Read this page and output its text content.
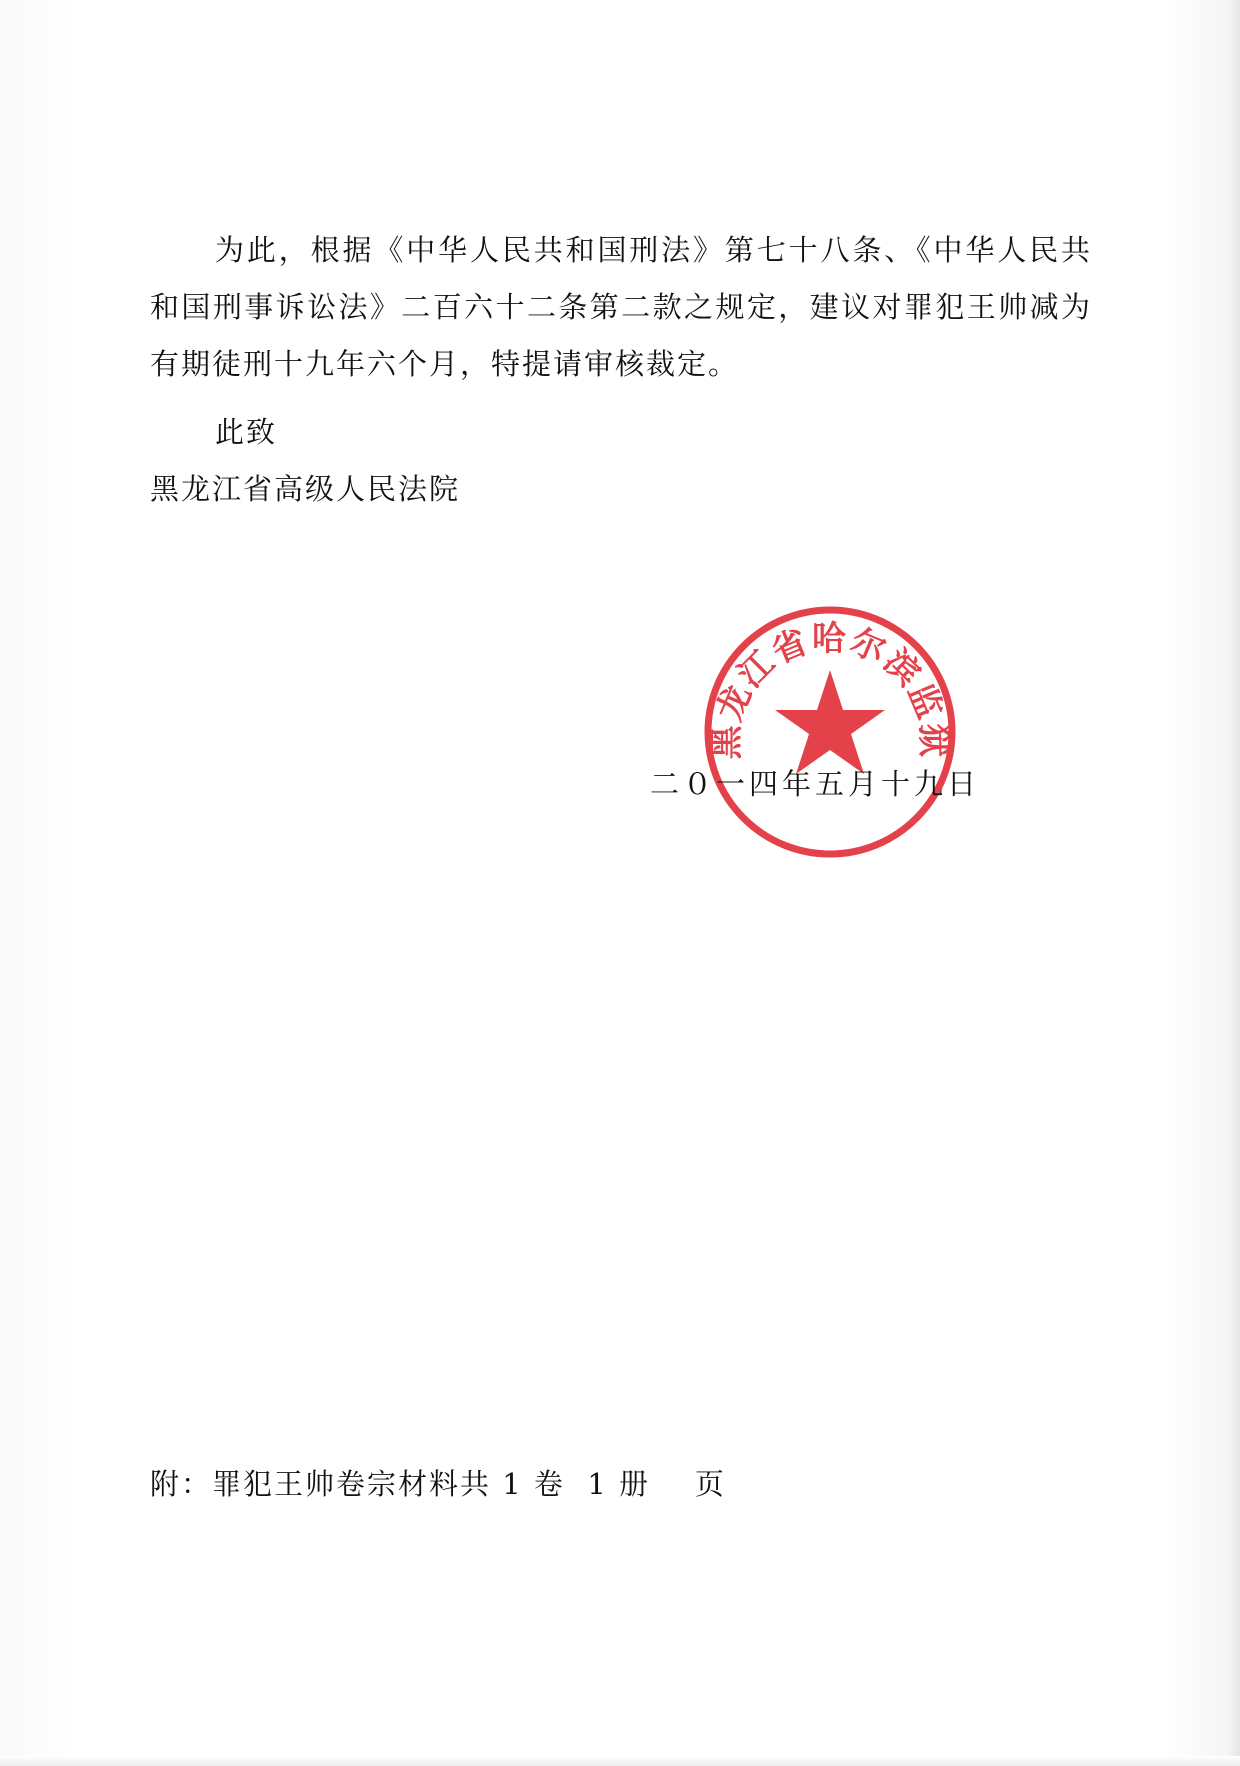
为此，根据《中华人民共和国刑法》第七十八条、《中华人民共和国刑事诉讼法》二百六十二条第二款之规定，建议对罪犯王帅减为有期徒刑十九年六个月，特提请审核裁定。

此致

黑龙江省高级人民法院

二０一四年五月十九日

黑龙江省哈尔滨监狱

附：罪犯王帅卷宗材料共 1 卷  1 册    页
